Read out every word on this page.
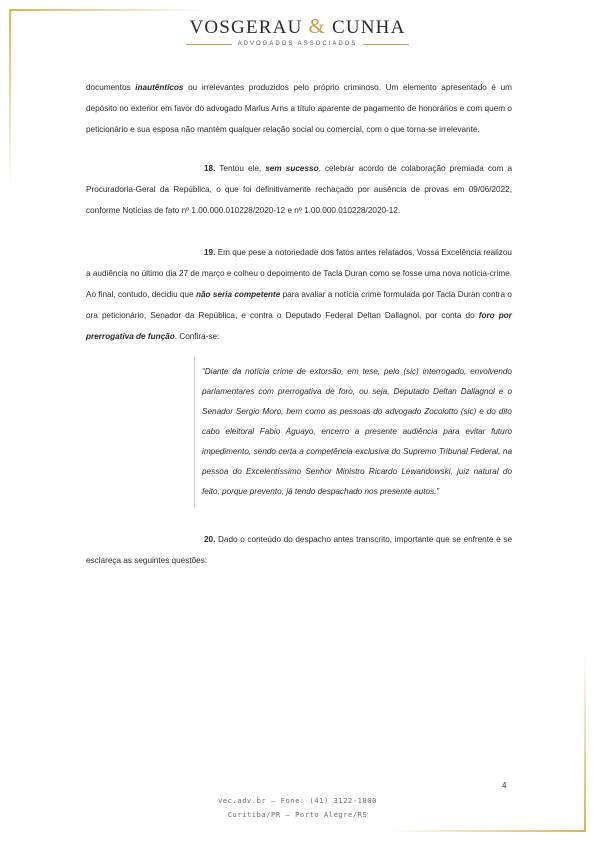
VOSGERAU & CUNHA
ADVOGADOS ASSOCIADOS

documentos inautênticos ou irrelevantes produzidos pelo próprio criminoso. Um elemento apresentado é um depósito no exterior em favor do advogado Marlus Arns a título aparente de pagamento de honorários e com quem o peticionário e sua esposa não mantém qualquer relação social ou comercial, com o que torna-se irrelevante.

18. Tentou ele, sem sucesso, celebrar acordo de colaboração premiada com a Procuradoria-Geral da República, o que foi definitivamente rechaçado por ausência de provas em 09/06/2022, conforme Notícias de fato nº 1.00.000.010228/2020-12 e nº 1.00.000.010228/2020-12.

19. Em que pese a notoriedade dos fatos antes relatados, Vossa Excelência realizou a audiência no último dia 27 de março e colheu o depoimento de Tacla Duran como se fosse uma nova notícia-crime. Ao final, contudo, decidiu que não seria competente para avaliar a notícia crime formulada por Tacla Duran contra o ora peticionário, Senador da República, e contra o Deputado Federal Deltan Dallagnol, por conta do foro por prerrogativa de função. Confira-se:

“Diante da notícia crime de extorsão, em tese, pelo (sic) interrogado, envolvendo parlamentares com prerrogativa de foro, ou seja, Deputado Deltan Dallagnol e o Senador Sergio Moro, bem como as pessoas do advogado Zocolotto (sic) e do dito cabo eleitoral Fabio Aguayo, encerro a presente audiência para evitar futuro impedimento, sendo certa a competência exclusiva do Supremo Tribunal Federal, na pessoa do Excelentíssimo Senhor Ministro Ricardo Lewandowski, juiz natural do feito, porque prevento, já tendo despachado nos presente autos.”

20. Dado o conteúdo do despacho antes transcrito, importante que se enfrente e se esclareça as seguintes questões:

4
vec.adv.br – Fone: (41) 3122-1800
Curitiba/PR – Porto Alegre/RS
